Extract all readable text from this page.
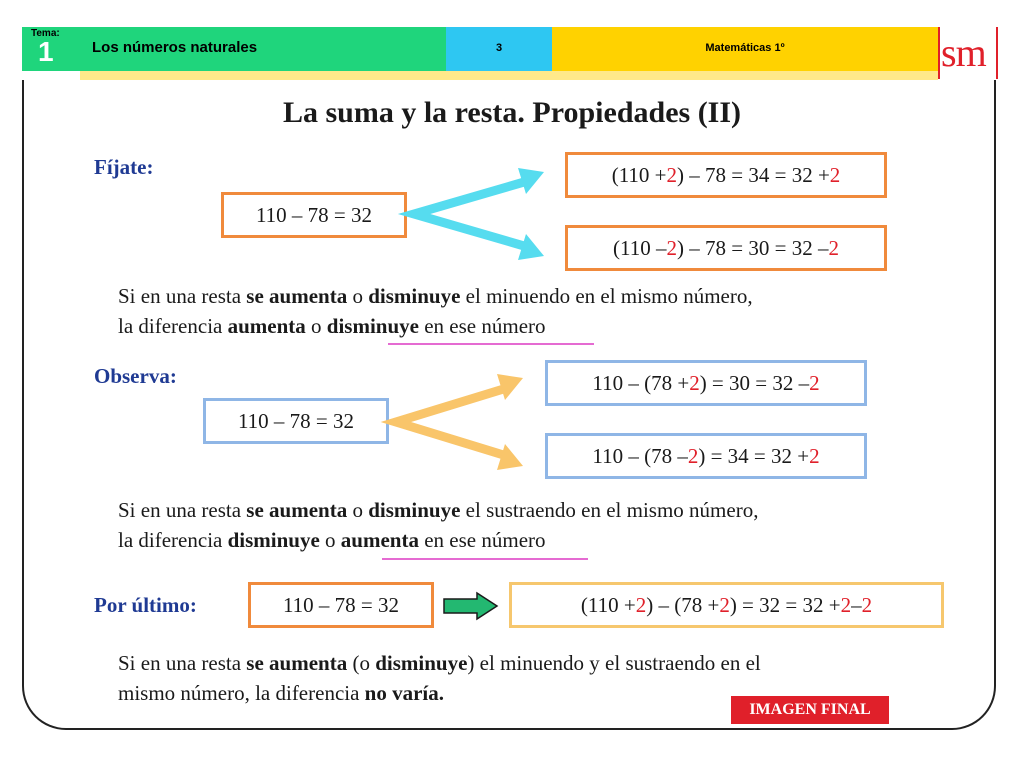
Tema:
1	Los números naturales	3	Matemáticas 1º	sm
La suma y la resta. Propiedades (II)
Fíjate:
110 – 78 = 32
(110 + 2 ) – 78 = 34 = 32 + 2
(110 – 2 ) – 78 = 30 = 32 – 2
Si en una resta se aumenta o disminuye el minuendo en el mismo número,
la diferencia aumenta o disminuye en ese número
Observa:
110 – 78 = 32
110 – (78 + 2 ) = 30 = 32 – 2
110 – (78 – 2 ) = 34 = 32 + 2
Si en una resta se aumenta o disminuye el sustraendo en el mismo número,
la diferencia disminuye o aumenta en ese número
Por último:	110 – 78 = 32	(110 + 2 ) – (78 + 2 ) = 32 = 32 + 2 – 2
Si en una resta se aumenta (o disminuye) el minuendo y el sustraendo en el
mismo número, la diferencia no varía.
IMAGEN FINAL
